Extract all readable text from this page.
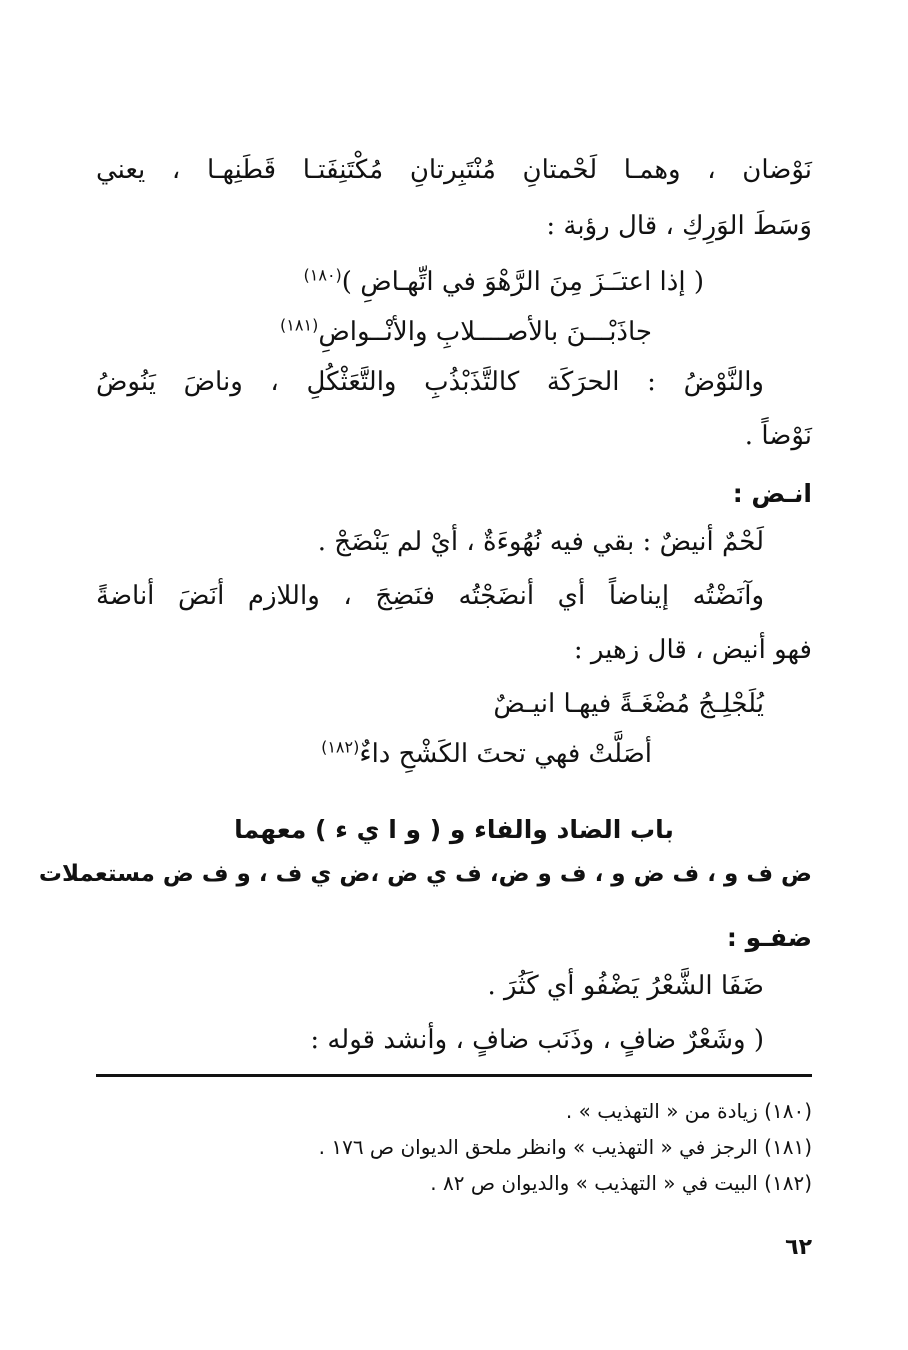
نَوْضان ، وهمـا لَحْمتانِ مُنْتَبِرتانِ مُكْتَنِفَتـا قَطَنِهـا ، يعني
وَسَطَ الوَرِكِ ، قال رؤبة :
( إذا اعتـَـزَ مِنَ الرَّهْوَ في اتِّهـاضِ )$^{(١٨٠)}$
جاذَبْـــنَ بالأصــــلابِ والأنْــواضِ$^{(١٨١)}$
والنَّوْضُ : الحرَكَة كالتَّذَبْذُبِ والتَّعَثْكُلِ ، وناضَ يَنُوضُ
نَوْضاً .
انـض :
لَحْمٌ أنيضٌ : بقي فيه نُهُوءَةٌ ، أيْ لم يَنْضَجْ .
وآنَضْتُه إيناضاً أي أنضَجْتُه فنَضِجَ ، واللازم أنَضَ أناضةً
فهو أنيض ، قال زهير :
يُلَجْلِـجُ مُضْغَـةً فيهـا انيـضٌ
أصَلَّتْ فهي تحتَ الكَشْحِ داءٌ$^{(١٨٢)}$
باب الضاد والفاء و ( و ا ي ء ) معهما
ض ف و ، ف ض و ، ف و ض، ف ي ض ،ض ي ف ، و ف ض مستعملات
ضفـو :
ضَفَا الشَّعْرُ يَضْفُو أي كَثُرَ .
( وشَعْرٌ ضافٍ ، وذَنَب ضافٍ ، وأنشد قوله :
(١٨٠) زيادة من « التهذيب » .
(١٨١) الرجز في « التهذيب » وانظر ملحق الديوان ص ١٧٦ .
(١٨٢) البيت في « التهذيب » والديوان ص ٨٢ .
٦٢
